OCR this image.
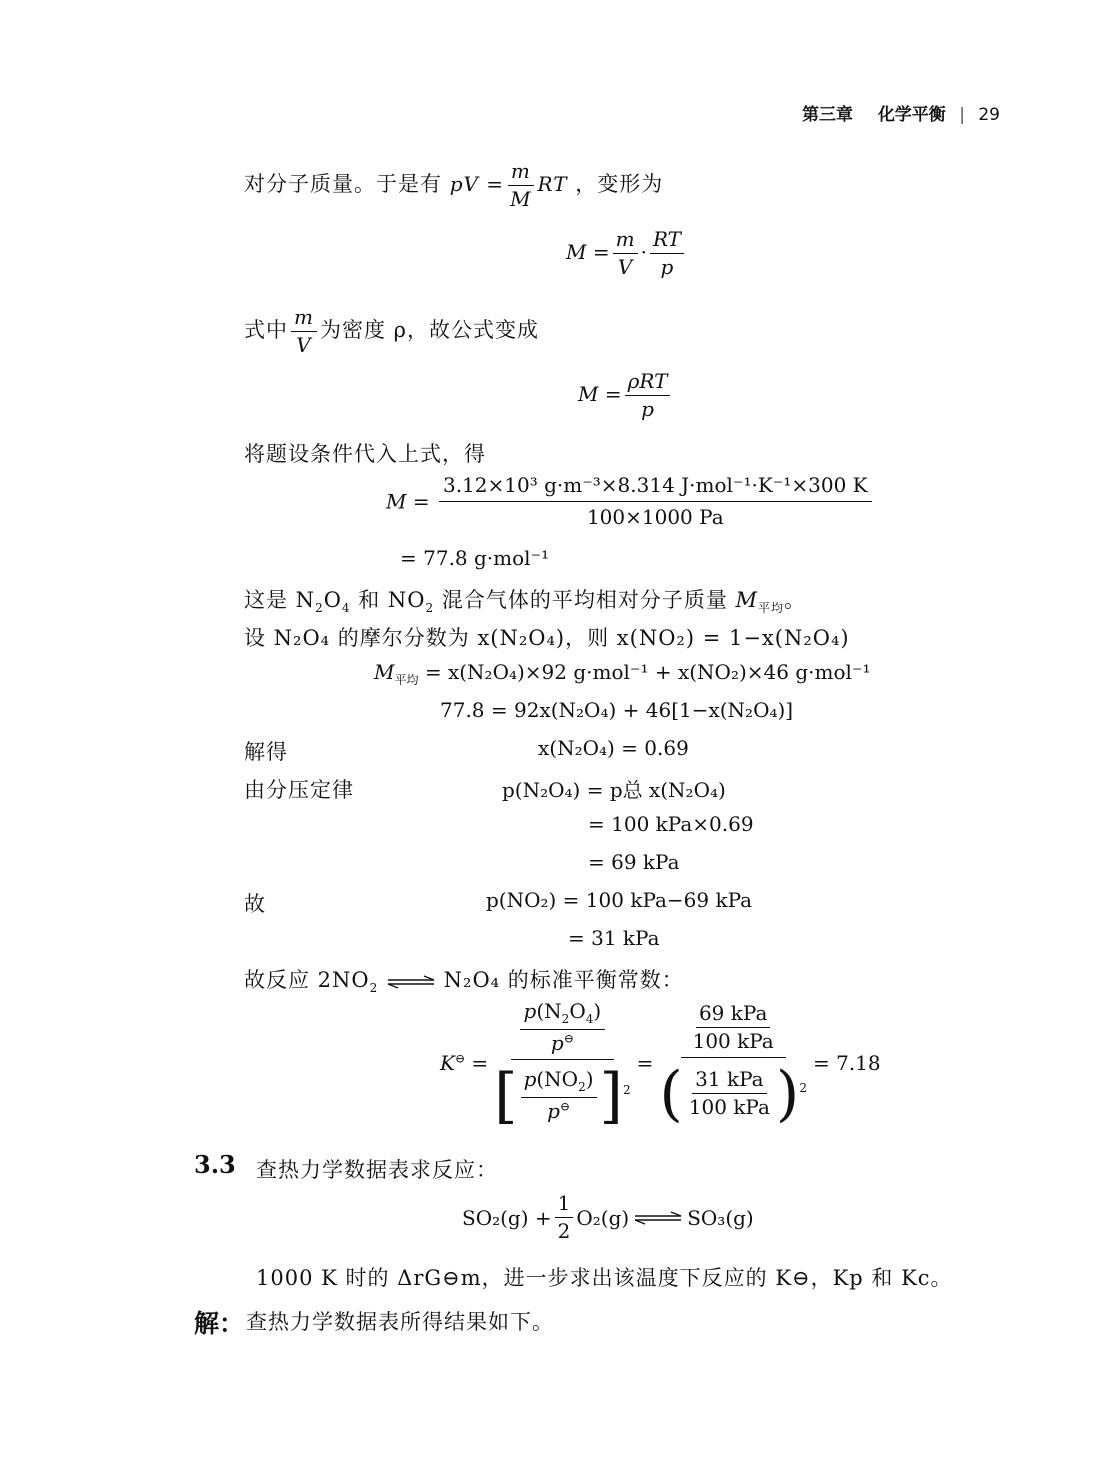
第三章 化学平衡 | 29
对分子质量。于是有 pV = $\frac{m}{M}$ RT ，变形为
$M = \frac{m}{V} \cdot \frac{RT}{p}$
式中 $\frac{m}{V}$ 为密度 ρ，故公式变成
$M = \frac{\text{ρRT}}{p}$
将题设条件代入上式，得
$M = \frac{\text{3.12×10³ g·m⁻³×8.314 J·mol⁻¹·K⁻¹×300 K}}{100\times 1000 Pa}$
= 77.8 g·mol⁻¹
这是 $N_2O_4$ 和 $NO_2$ 混合气体的平均相对分子质量 $M_{平均}$。
设 N₂O₄ 的摩尔分数为 x(N₂O₄)，则 x(NO₂) = 1−x(N₂O₄)
$M_{平均} = x(N_2O_4)\times 92$ g·mol⁻¹ + x(NO₂)×46 g·mol⁻¹
77.8 = 92x(N₂O₄) + 46[1−x(N₂O₄)]
解得	x(N₂O₄) = 0.69
由分压定律	p(N₂O₄) = p总 x(N₂O₄)
= 100 kPa×0.69
= 69 kPa
故	p(NO₂) = 100 kPa−69 kPa
= 31 kPa
故反应 $2NO_2$ ⇌ N₂O₄ 的标准平衡常数：
$K^⊖ = \frac{\frac{p(N_2O_4)}{p^⊖}}{[ \frac{p(NO_2)}{p^⊖} ]^2} = \frac{\frac{\text{69 kPa}}{\text{100 kPa}}}{( \frac{\text{31 kPa}}{\text{100 kPa}} )^2} = 7.18$
3.3 查热力学数据表求反应：
$SO_2(g) + \frac{1}{2} O_2(g)$ ⇌ SO₃(g)
1000 K 时的 ΔrG⊖m，进一步求出该温度下反应的 K⊖，Kp 和 Kc。
解： 查热力学数据表所得结果如下。
